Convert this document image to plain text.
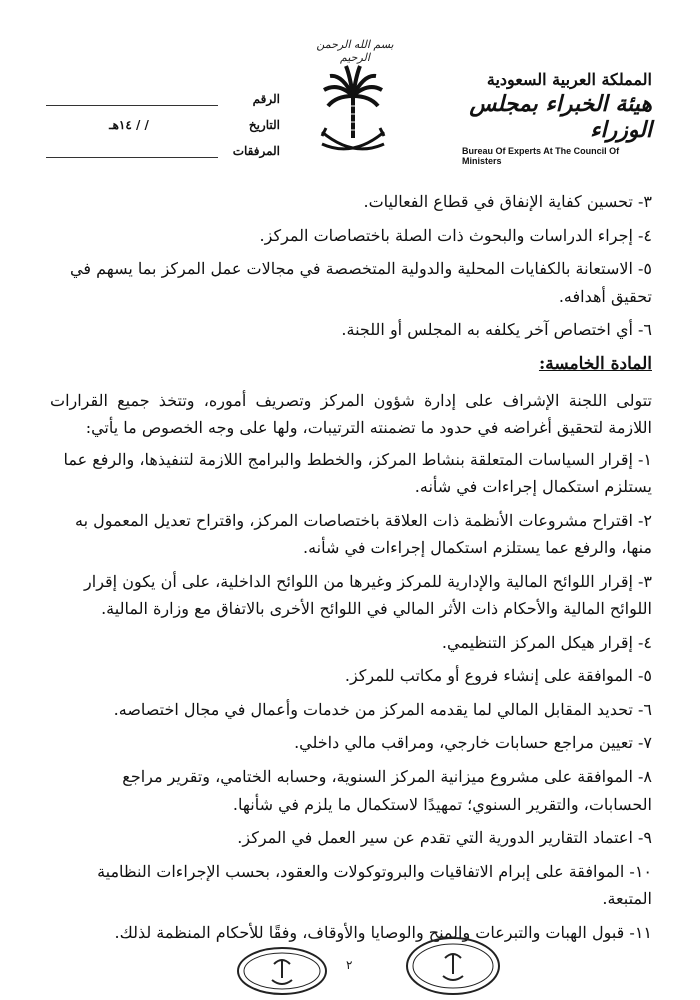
بسم الله الرحمن الرحيم
المملكة العربية السعودية
هيئة الخبراء بمجلس الوزراء
Bureau Of Experts At The Council Of Ministers
الرقم
التاريخ
/ / ١٤هـ
المرفقات
٣- تحسين كفاية الإنفاق في قطاع الفعاليات.
٤- إجراء الدراسات والبحوث ذات الصلة باختصاصات المركز.
٥- الاستعانة بالكفايات المحلية والدولية المتخصصة في مجالات عمل المركز بما يسهم في تحقيق أهدافه.
٦- أي اختصاص آخر يكلفه به المجلس أو اللجنة.
المادة الخامسة:
تتولى اللجنة الإشراف على إدارة شؤون المركز وتصريف أموره، وتتخذ جميع القرارات اللازمة لتحقيق أغراضه في حدود ما تضمنته الترتيبات، ولها على وجه الخصوص ما يأتي:
١- إقرار السياسات المتعلقة بنشاط المركز، والخطط والبرامج اللازمة لتنفيذها، والرفع عما يستلزم استكمال إجراءات في شأنه.
٢- اقتراح مشروعات الأنظمة ذات العلاقة باختصاصات المركز، واقتراح تعديل المعمول به منها، والرفع عما يستلزم استكمال إجراءات في شأنه.
٣- إقرار اللوائح المالية والإدارية للمركز وغيرها من اللوائح الداخلية، على أن يكون إقرار اللوائح المالية والأحكام ذات الأثر المالي في اللوائح الأخرى بالاتفاق مع وزارة المالية.
٤- إقرار هيكل المركز التنظيمي.
٥- الموافقة على إنشاء فروع أو مكاتب للمركز.
٦- تحديد المقابل المالي لما يقدمه المركز من خدمات وأعمال في مجال اختصاصه.
٧- تعيين مراجع حسابات خارجي، ومراقب مالي داخلي.
٨- الموافقة على مشروع ميزانية المركز السنوية، وحسابه الختامي، وتقرير مراجع الحسابات، والتقرير السنوي؛ تمهيدًا لاستكمال ما يلزم في شأنها.
٩- اعتماد التقارير الدورية التي تقدم عن سير العمل في المركز.
١٠- الموافقة على إبرام الاتفاقيات والبروتوكولات والعقود، بحسب الإجراءات النظامية المتبعة.
١١- قبول الهبات والتبرعات والمنح والوصايا والأوقاف، وفقًا للأحكام المنظمة لذلك.
٢
